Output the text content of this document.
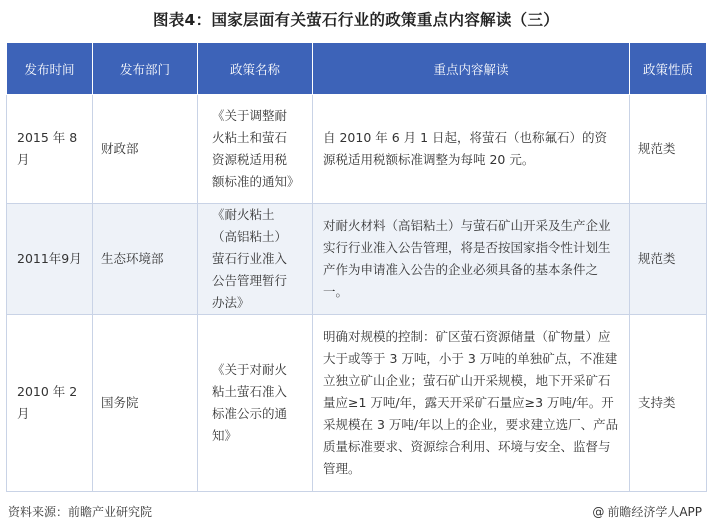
图表4：国家层面有关萤石行业的政策重点内容解读（三）
发布时间	发布部门	政策名称	重点内容解读	政策性质
2015 年 8 月	财政部	《关于调整耐火粘土和萤石资源税适用税额标准的通知》	自 2010 年 6 月 1 日起，将萤石（也称氟石）的资源税适用税额标准调整为每吨 20 元。	规范类
2011年9月	生态环境部	《耐火粘土（高铝粘土）萤石行业准入公告管理暂行办法》	对耐火材料（高铝粘土）与萤石矿山开采及生产企业实行行业准入公告管理，将是否按国家指令性计划生产作为申请准入公告的企业必须具备的基本条件之一。	规范类
2010 年 2 月	国务院	《关于对耐火粘土萤石准入标准公示的通知》	明确对规模的控制：矿区萤石资源储量（矿物量）应大于或等于 3 万吨，小于 3 万吨的单独矿点，不准建立独立矿山企业；萤石矿山开采规模，地下开采矿石量应≥1 万吨/年，露天开采矿石量应≥3 万吨/年。开采规模在 3 万吨/年以上的企业，要求建立选厂、产品质量标准要求、资源综合利用、环境与安全、监督与管理。	支持类
资料来源：前瞻产业研究院	@ 前瞻经济学人APP
